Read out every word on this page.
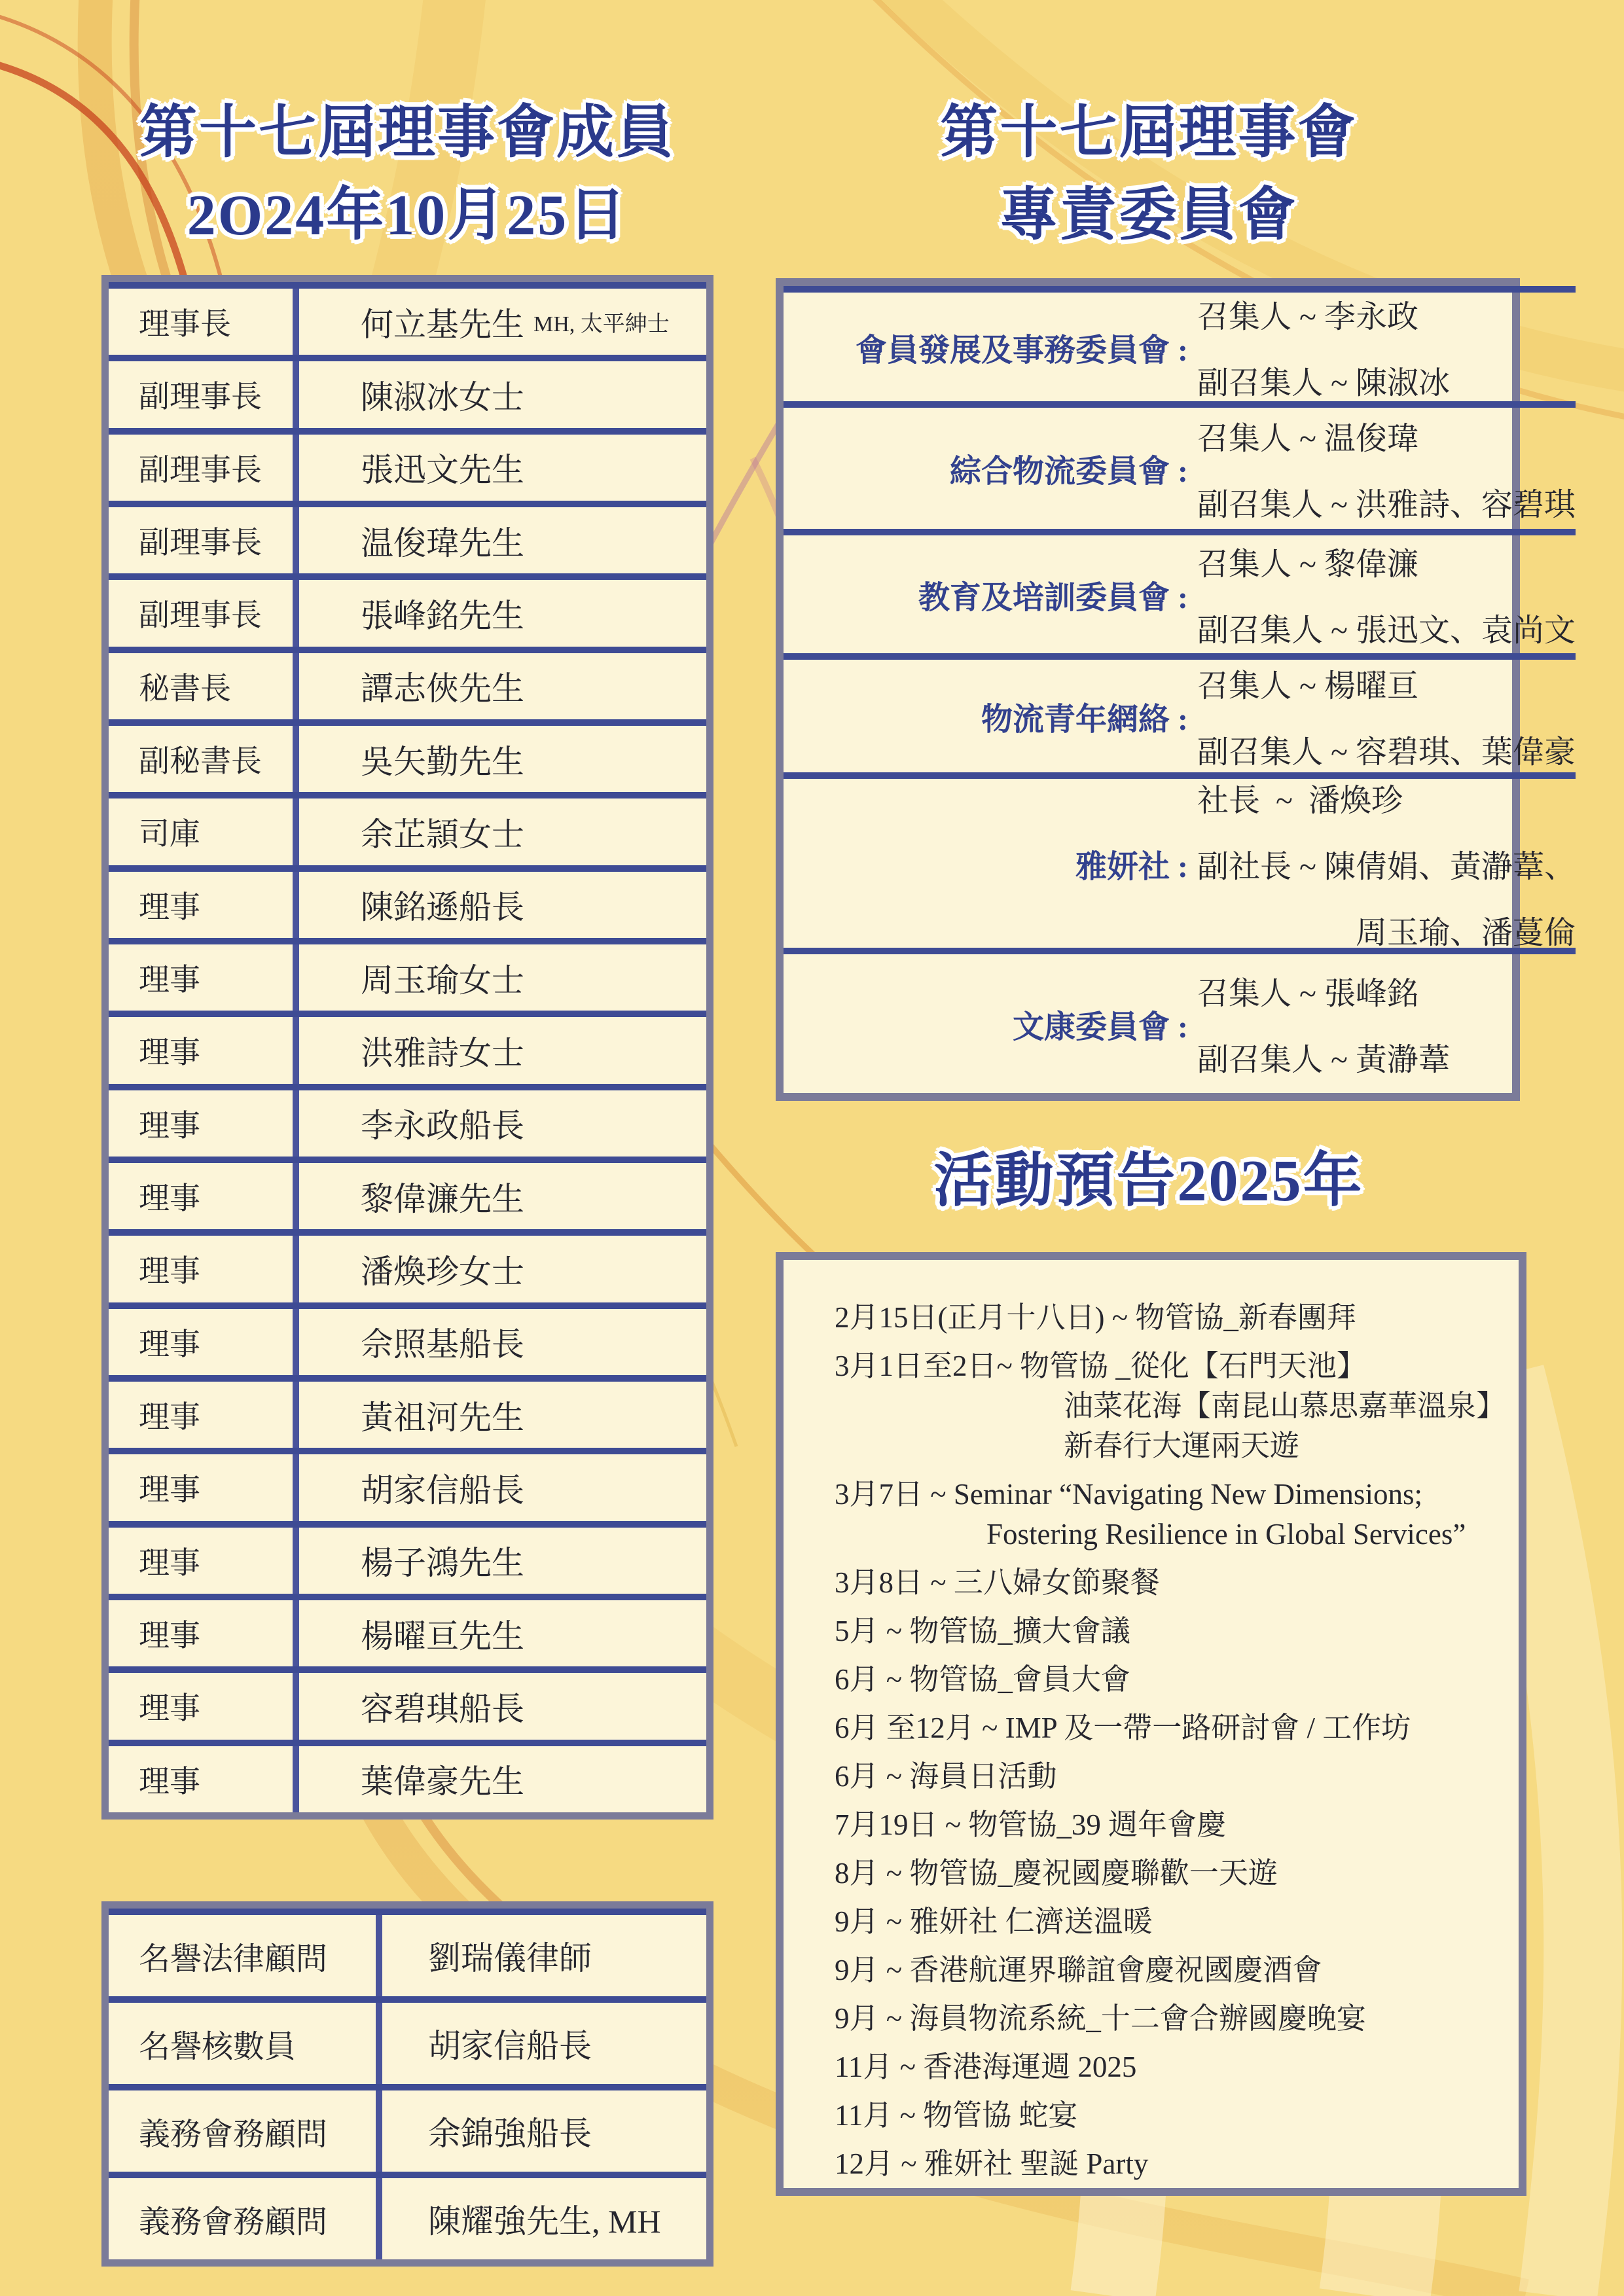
第十七屆理事會成員
2O24年10月25日
理事長	何立基先生 MH, 太平紳士
副理事長	陳淑冰女士
副理事長	張迅文先生
副理事長	温俊瑋先生
副理事長	張峰銘先生
秘書長	譚志俠先生
副秘書長	吳矢勤先生
司庫	余芷頴女士
理事	陳銘遜船長
理事	周玉瑜女士
理事	洪雅詩女士
理事	李永政船長
理事	黎偉濂先生
理事	潘煥珍女士
理事	佘照基船長
理事	黃祖河先生
理事	胡家信船長
理事	楊子鴻先生
理事	楊曜亘先生
理事	容碧琪船長
理事	葉偉豪先生
名譽法律顧問	劉瑞儀律師
名譽核數員	胡家信船長
義務會務顧問	余錦強船長
義務會務顧問	陳耀強先生, MH
第十七屆理事會
專責委員會
會員發展及事務委員會 :
召集人 ~ 李永政
副召集人 ~ 陳淑冰
綜合物流委員會 :
召集人 ~ 温俊瑋
副召集人 ~ 洪雅詩、容碧琪
教育及培訓委員會 :
召集人 ~ 黎偉濂
副召集人 ~ 張迅文、袁尚文
物流青年網絡 :
召集人 ~ 楊曜亘
副召集人 ~ 容碧琪、葉偉豪
雅妍社 :
社長  ~  潘煥珍
副社長 ~ 陳倩娟、黃瀞葦、
周玉瑜、潘蔓倫
文康委員會 :
召集人 ~ 張峰銘
副召集人 ~ 黃瀞葦
活動預告2025年
2月15日(正月十八日) ~ 物管協_新春團拜
3月1日至2日~ 物管協 _從化【石門天池】
油菜花海【南昆山慕思嘉華溫泉】
新春行大運兩天遊
3月7日 ~ Seminar “Navigating New Dimensions;
Fostering Resilience in Global Services”
3月8日 ~ 三八婦女節聚餐
5月 ~ 物管協_擴大會議
6月 ~ 物管協_會員大會
6月 至12月 ~ IMP 及一帶一路研討會 / 工作坊
6月 ~ 海員日活動
7月19日 ~ 物管協_39 週年會慶
8月 ~ 物管協_慶祝國慶聯歡一天遊
9月 ~ 雅妍社 仁濟送溫暖
9月 ~ 香港航運界聯誼會慶祝國慶酒會
9月 ~ 海員物流系統_十二會合辦國慶晚宴
11月 ~ 香港海運週 2025
11月 ~ 物管協 蛇宴
12月 ~ 雅妍社 聖誕 Party
